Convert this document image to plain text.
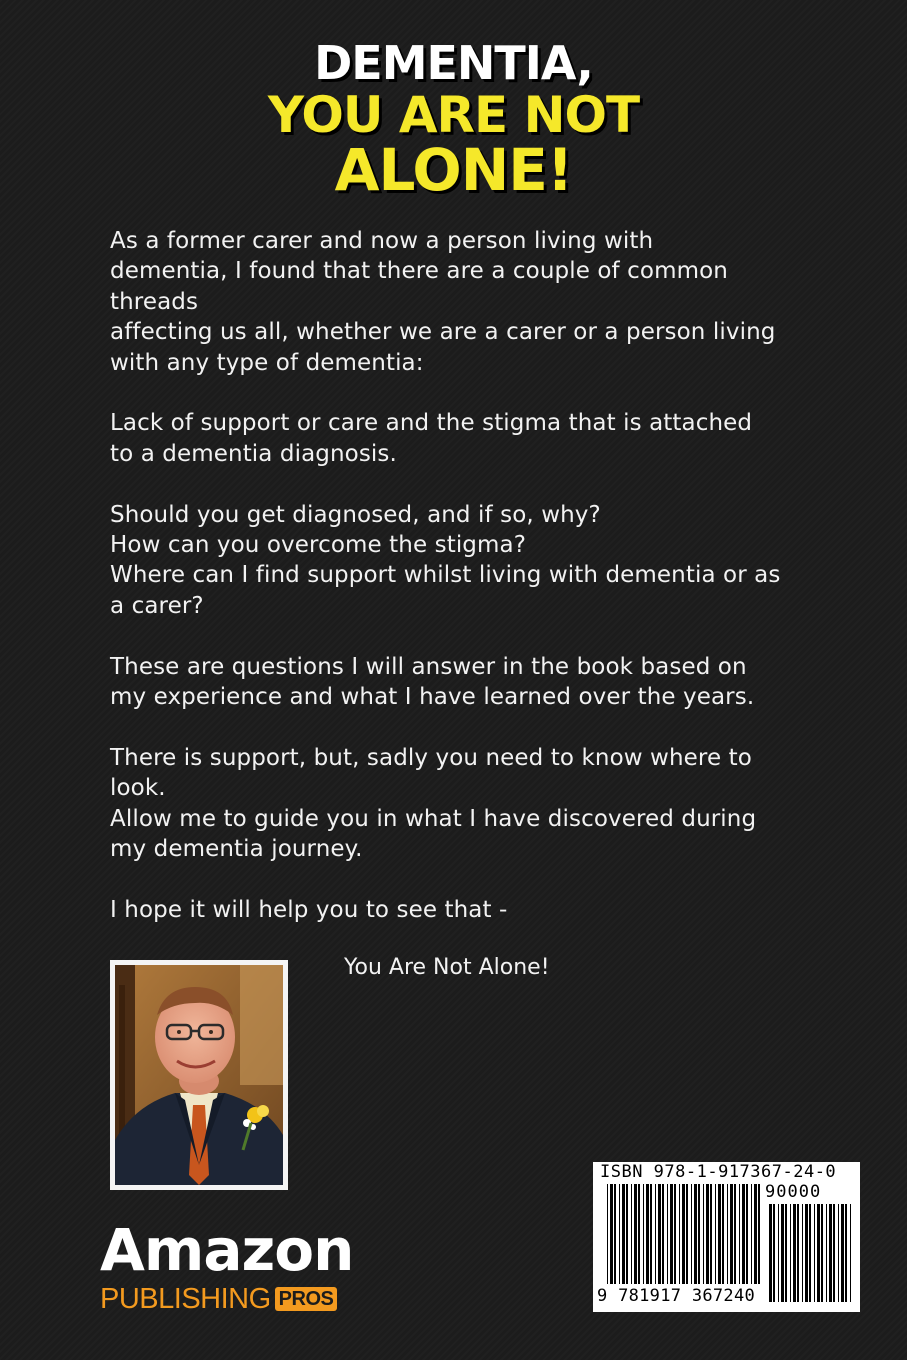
DEMENTIA,
YOU ARE NOT
ALONE!

As a former carer and now a person living with
dementia, I found that there are a couple of common
threads
affecting us all, whether we are a carer or a person living
with any type of dementia:

Lack of support or care and the stigma that is attached
to a dementia diagnosis.

Should you get diagnosed, and if so, why?
How can you overcome the stigma?
Where can I find support whilst living with dementia or as
a carer?

These are questions I will answer in the book based on
my experience and what I have learned over the years.

There is support, but, sadly you need to know where to
look.
Allow me to guide you in what I have discovered during
my dementia journey.

I hope it will help you to see that -

You Are Not Alone!
ISBN 978-1-917367-24-0
90000
9 781917 367240
Amazon
PUBLISHING PROS
